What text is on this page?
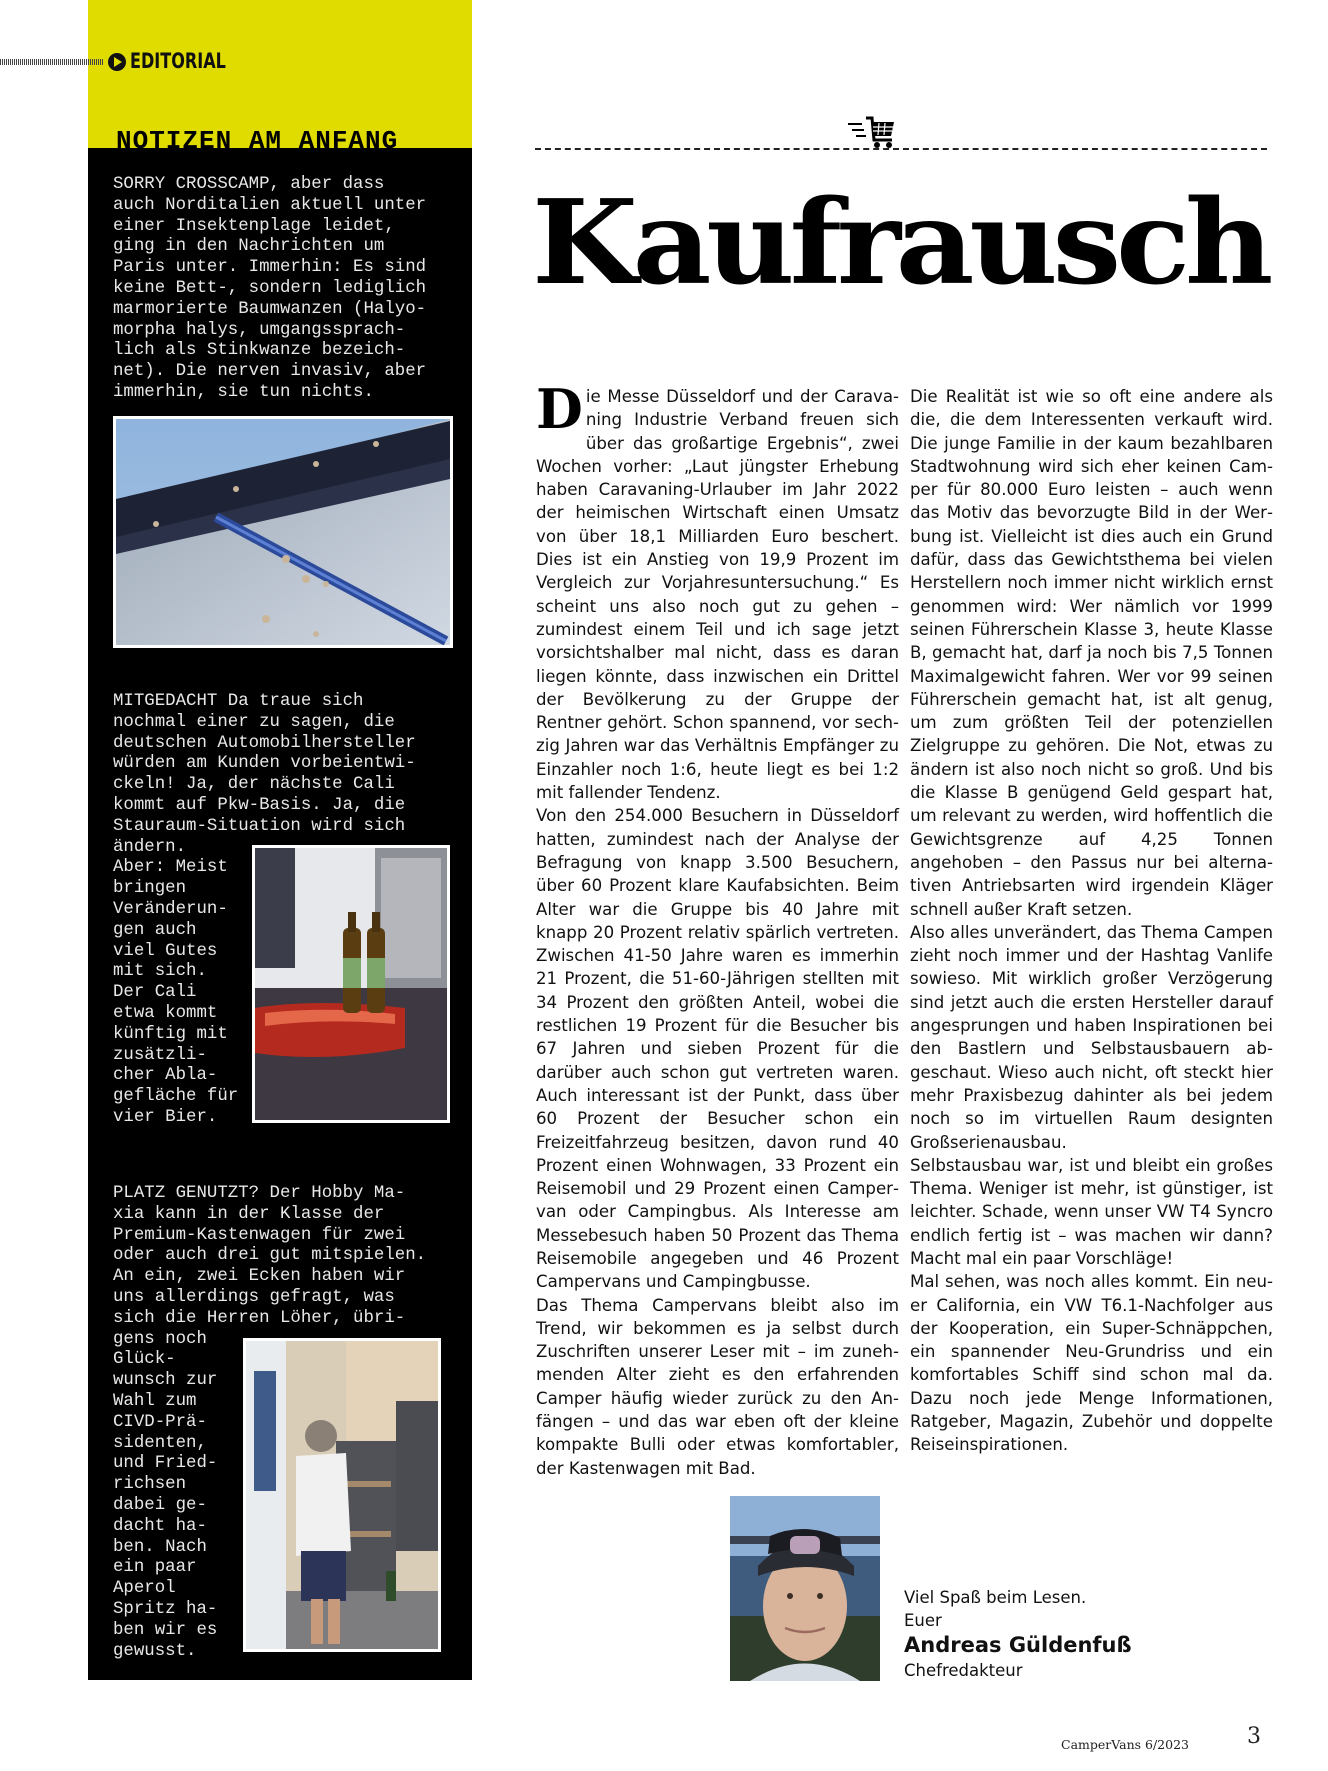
EDITORIAL
NOTIZEN AM ANFANG
SORRY CROSSCAMP, aber dass
auch Norditalien aktuell unter
einer Insektenplage leidet,
ging in den Nachrichten um
Paris unter. Immerhin: Es sind
keine Bett-, sondern lediglich
marmorierte Baumwanzen (Halyo-
morpha halys, umgangssprach-
lich als Stinkwanze bezeich-
net). Die nerven invasiv, aber
immerhin, sie tun nichts.
MITGEDACHT Da traue sich
nochmal einer zu sagen, die
deutschen Automobilhersteller
würden am Kunden vorbeientwi-
ckeln! Ja, der nächste Cali
kommt auf Pkw-Basis. Ja, die
Stauraum-Situation wird sich
ändern.
Aber: Meist
bringen
Veränderun-
gen auch
viel Gutes
mit sich.
Der Cali
etwa kommt
künftig mit
zusätzli-
cher Abla-
gefläche für
vier Bier.
PLATZ GENUTZT? Der Hobby Ma-
xia kann in der Klasse der
Premium-Kastenwagen für zwei
oder auch drei gut mitspielen.
An ein, zwei Ecken haben wir
uns allerdings gefragt, was
sich die Herren Löher, übri-
gens noch
Glück-
wunsch zur
Wahl zum
CIVD-Prä-
sidenten,
und Fried-
richsen
dabei ge-
dacht ha-
ben. Nach
ein paar
Aperol
Spritz ha-
ben wir es
gewusst.
Kaufrausch

Die Messe Düsseldorf und der Caravaning Industrie Verband freuen sich über das großartige Ergebnis“, zwei Wochen vorher: „Laut jüngster Erhebung haben Caravaning-Urlauber im Jahr 2022 der heimischen Wirtschaft einen Umsatz von über 18,1 Milliarden Euro beschert. Dies ist ein Anstieg von 19,9 Prozent im Vergleich zur Vorjahresuntersuchung.“ Es scheint uns also noch gut zu gehen – zumindest einem Teil und ich sage jetzt vorsichtshalber mal nicht, dass es daran liegen könnte, dass inzwischen ein Drittel der Bevölkerung zu der Gruppe der Rentner gehört. Schon spannend, vor sechzig Jahren war das Verhältnis Empfänger zu Einzahler noch 1:6, heute liegt es bei 1:2 mit fallender Tendenz.

Von den 254.000 Besuchern in Düsseldorf hatten, zumindest nach der Analyse der Befragung von knapp 3.500 Besuchern, über 60 Prozent klare Kaufabsichten. Beim Alter war die Gruppe bis 40 Jahre mit knapp 20 Prozent relativ spärlich vertreten. Zwischen 41-50 Jahre waren es immerhin 21 Prozent, die 51-60-Jährigen stellten mit 34 Prozent den größten Anteil, wobei die restlichen 19 Prozent für die Besucher bis 67 Jahren und sieben Prozent für die darüber auch schon gut vertreten waren. Auch interessant ist der Punkt, dass über 60 Prozent der Besucher schon ein Freizeitfahrzeug besitzen, davon rund 40 Prozent einen Wohnwagen, 33 Prozent ein Reisemobil und 29 Prozent einen Campervan oder Campingbus. Als Interesse am Messebesuch haben 50 Prozent das Thema Reisemobile angegeben und 46 Prozent Campervans und Campingbusse.

Das Thema Campervans bleibt also im Trend, wir bekommen es ja selbst durch Zuschriften unserer Leser mit – im zunehmenden Alter zieht es den erfahrenden Camper häufig wieder zurück zu den Anfängen – und das war eben oft der kleine kompakte Bulli oder etwas komfortabler, der Kastenwagen mit Bad.

Die Realität ist wie so oft eine andere als die, die dem Interessenten verkauft wird. Die junge Familie in der kaum bezahlbaren Stadtwohnung wird sich eher keinen Camper für 80.000 Euro leisten – auch wenn das Motiv das bevorzugte Bild in der Werbung ist. Vielleicht ist dies auch ein Grund dafür, dass das Gewichtsthema bei vielen Herstellern noch immer nicht wirklich ernst genommen wird: Wer nämlich vor 1999 seinen Führerschein Klasse 3, heute Klasse B, gemacht hat, darf ja noch bis 7,5 Tonnen Maximalgewicht fahren. Wer vor 99 seinen Führerschein gemacht hat, ist alt genug, um zum größten Teil der potenziellen Zielgruppe zu gehören. Die Not, etwas zu ändern ist also noch nicht so groß. Und bis die Klasse B genügend Geld gespart hat, um relevant zu werden, wird hoffentlich die Gewichtsgrenze auf 4,25 Tonnen angehoben – den Passus nur bei alternativen Antriebsarten wird irgendein Kläger schnell außer Kraft setzen.

Also alles unverändert, das Thema Campen zieht noch immer und der Hashtag Vanlife sowieso. Mit wirklich großer Verzögerung sind jetzt auch die ersten Hersteller darauf angesprungen und haben Inspirationen bei den Bastlern und Selbstausbauern abgeschaut. Wieso auch nicht, oft steckt hier mehr Praxisbezug dahinter als bei jedem noch so im virtuellen Raum designten Großserienausbau.

Selbstausbau war, ist und bleibt ein großes Thema. Weniger ist mehr, ist günstiger, ist leichter. Schade, wenn unser VW T4 Syncro endlich fertig ist – was machen wir dann? Macht mal ein paar Vorschläge!

Mal sehen, was noch alles kommt. Ein neuer California, ein VW T6.1-Nachfolger aus der Kooperation, ein Super-Schnäppchen, ein spannender Neu-Grundriss und ein komfortables Schiff sind schon mal da. Dazu noch jede Menge Informationen, Ratgeber, Magazin, Zubehör und doppelte Reiseinspirationen.

Viel Spaß beim Lesen.
Euer
Andreas Güldenfuß
Chefredakteur
CamperVans 6/2023	3
